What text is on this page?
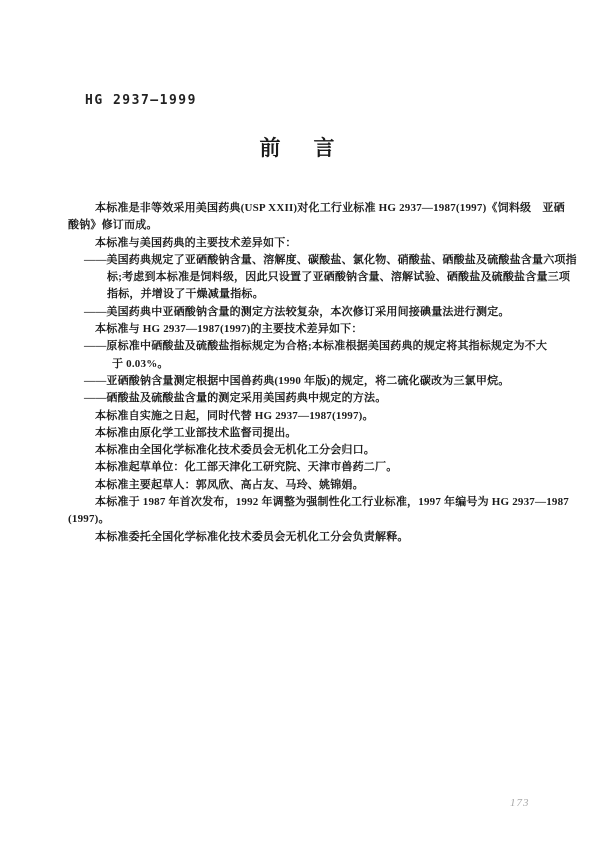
HG 2937—1999
前　言
本标准是非等效采用美国药典(USP XXII)对化工行业标准 HG 2937—1987(1997)《饲料级　亚硒
酸钠》修订而成。
本标准与美国药典的主要技术差异如下：
——美国药典规定了亚硒酸钠含量、溶解度、碳酸盐、氯化物、硝酸盐、硒酸盐及硫酸盐含量六项指
标;考虑到本标准是饲料级，因此只设置了亚硒酸钠含量、溶解试验、硒酸盐及硫酸盐含量三项
指标，并增设了干燥减量指标。
——美国药典中亚硒酸钠含量的测定方法较复杂，本次修订采用间接碘量法进行测定。
本标准与 HG 2937—1987(1997)的主要技术差异如下：
——原标准中硒酸盐及硫酸盐指标规定为合格;本标准根据美国药典的规定将其指标规定为不大
于 0.03%。
——亚硒酸钠含量测定根据中国兽药典(1990 年版)的规定，将二硫化碳改为三氯甲烷。
——硒酸盐及硫酸盐含量的测定采用美国药典中规定的方法。
本标准自实施之日起，同时代替 HG 2937—1987(1997)。
本标准由原化学工业部技术监督司提出。
本标准由全国化学标准化技术委员会无机化工分会归口。
本标准起草单位：化工部天津化工研究院、天津市兽药二厂。
本标准主要起草人：郭凤欣、高占友、马玲、姚锦娟。
本标准于 1987 年首次发布，1992 年调整为强制性化工行业标准，1997 年编号为 HG 2937—1987
(1997)。
本标准委托全国化学标准化技术委员会无机化工分会负责解释。
173
